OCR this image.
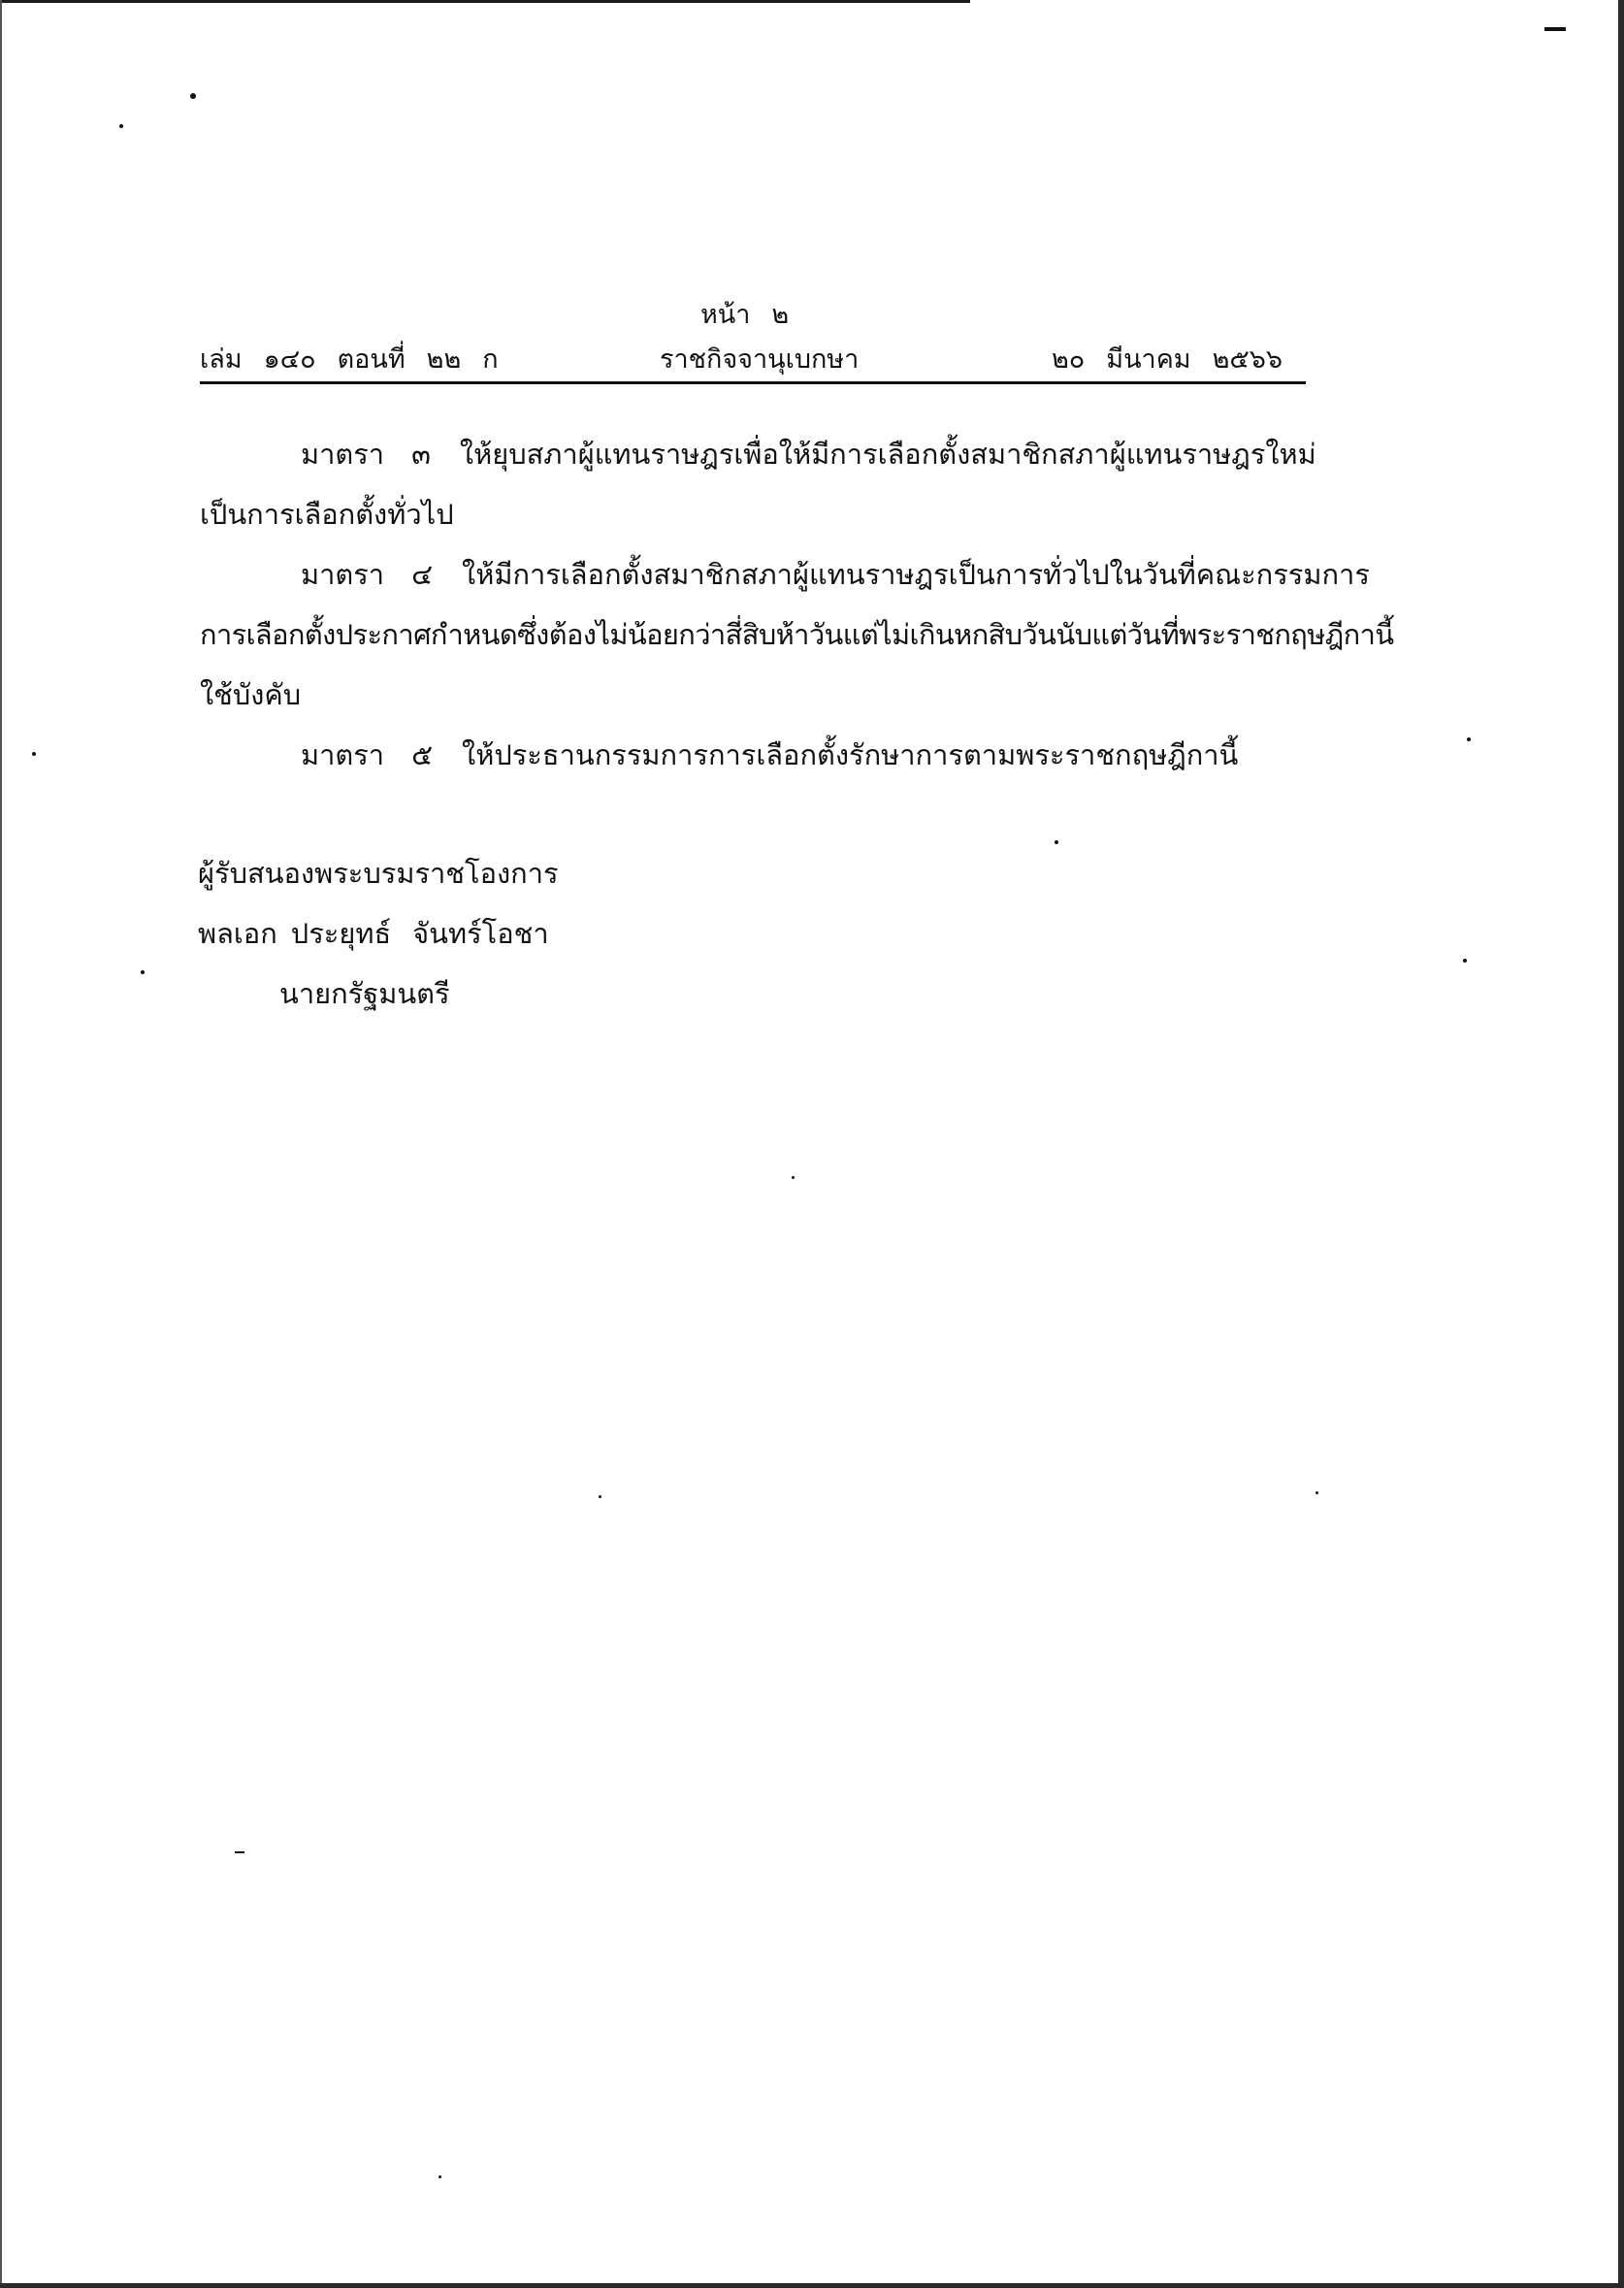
หน้า ๒
เล่ม ๑๔๐ ตอนที่ ๒๒ ก	ราชกิจจานุเบกษา	๒๐ มีนาคม ๒๕๖๖
มาตรา ๓ ให้ยุบสภาผู้แทนราษฎรเพื่อให้มีการเลือกตั้งสมาชิกสภาผู้แทนราษฎรใหม่
เป็นการเลือกตั้งทั่วไป
มาตรา ๔ ให้มีการเลือกตั้งสมาชิกสภาผู้แทนราษฎรเป็นการทั่วไปในวันที่คณะกรรมการ
การเลือกตั้งประกาศกำหนดซึ่งต้องไม่น้อยกว่าสี่สิบห้าวันแต่ไม่เกินหกสิบวันนับแต่วันที่พระราชกฤษฎีกานี้
ใช้บังคับ
มาตรา ๕ ให้ประธานกรรมการการเลือกตั้งรักษาการตามพระราชกฤษฎีกานี้
ผู้รับสนองพระบรมราชโองการ
พลเอก ประยุทธ์ จันทร์โอชา
นายกรัฐมนตรี
